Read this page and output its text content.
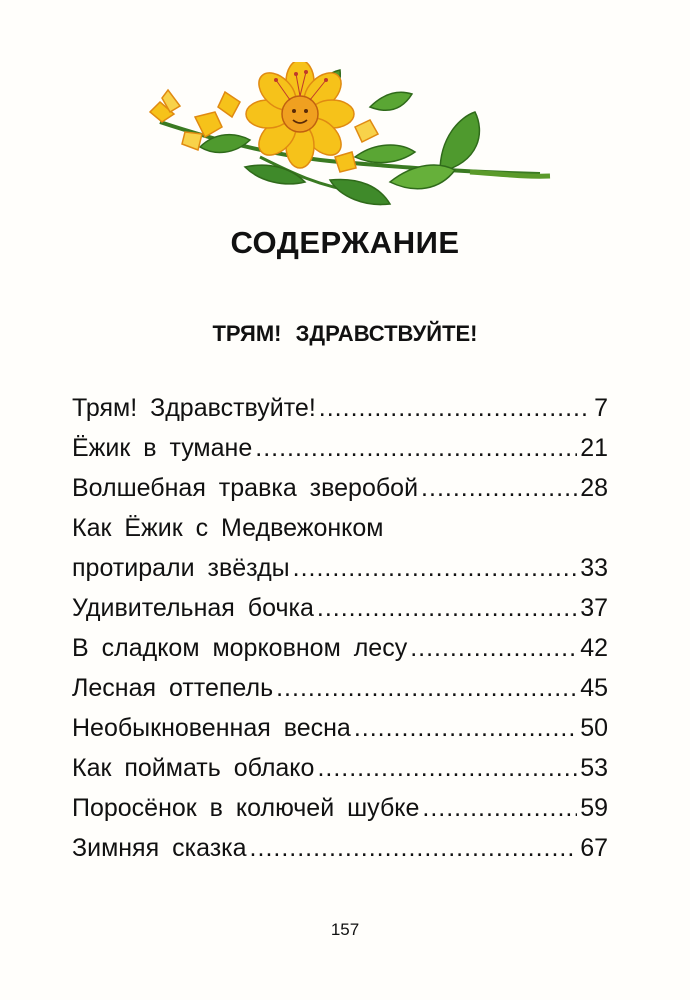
СОДЕРЖАНИЕ
ТРЯМ! ЗДРАВСТВУЙТЕ!
Трям! Здравствуйте! .....	7
Ёжик в тумане .....	21
Волшебная травка зверобой .....	28
Как Ёжик с Медвежонком
протирали звёзды .....	33
Удивительная бочка .....	37
В сладком морковном лесу .....	42
Лесная оттепель .....	45
Необыкновенная весна .....	50
Как поймать облако .....	53
Поросёнок в колючей шубке .....	59
Зимняя сказка .....	67
157
